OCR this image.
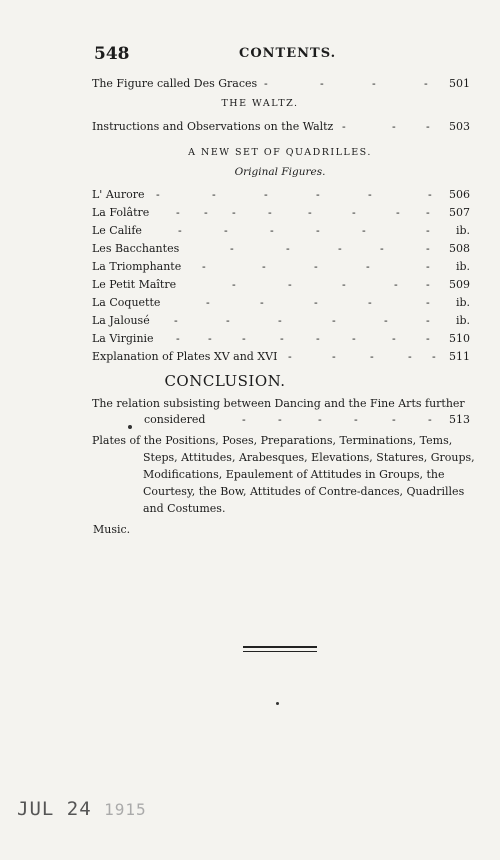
548	CONTENTS.
The Figure called Des Graces -	-	-	- 501
THE WALTZ.
Instructions and Observations on the Waltz -	-	- 503
A NEW SET OF QUADRILLES.
Original Figures.
L' Aurore -	-	-	-	-	- 506
La Folâtre - - -	-	-	-	- - 507
Le Calife	-	-	-	-	-	- ib.
Les Bacchantes	-	-	-	-	- 508
La Triomphante -	-	-	-	- ib.
Le Petit Maître	-	-	-	-	- 509
La Coquette	-	-	-	-	- ib.
La Jalousé -	-	-	-	-	- ib.
La Virginie -	-	-	-	-	-	-	- 510
Explanation of Plates XV and XVI -	-	-	- - 511
CONCLUSION.
The relation subsisting between Dancing and the Fine Arts further
considered	-	-	-	-	-	- 513
Plates of the Positions, Poses, Preparations, Terminations, Tems,
Steps, Attitudes, Arabesques, Elevations, Statures, Groups,
Modifications, Epaulement of Attitudes in Groups, the
Courtesy, the Bow, Attitudes of Contre-dances, Quadrilles
and Costumes.
Music.
JUL 24 1915
